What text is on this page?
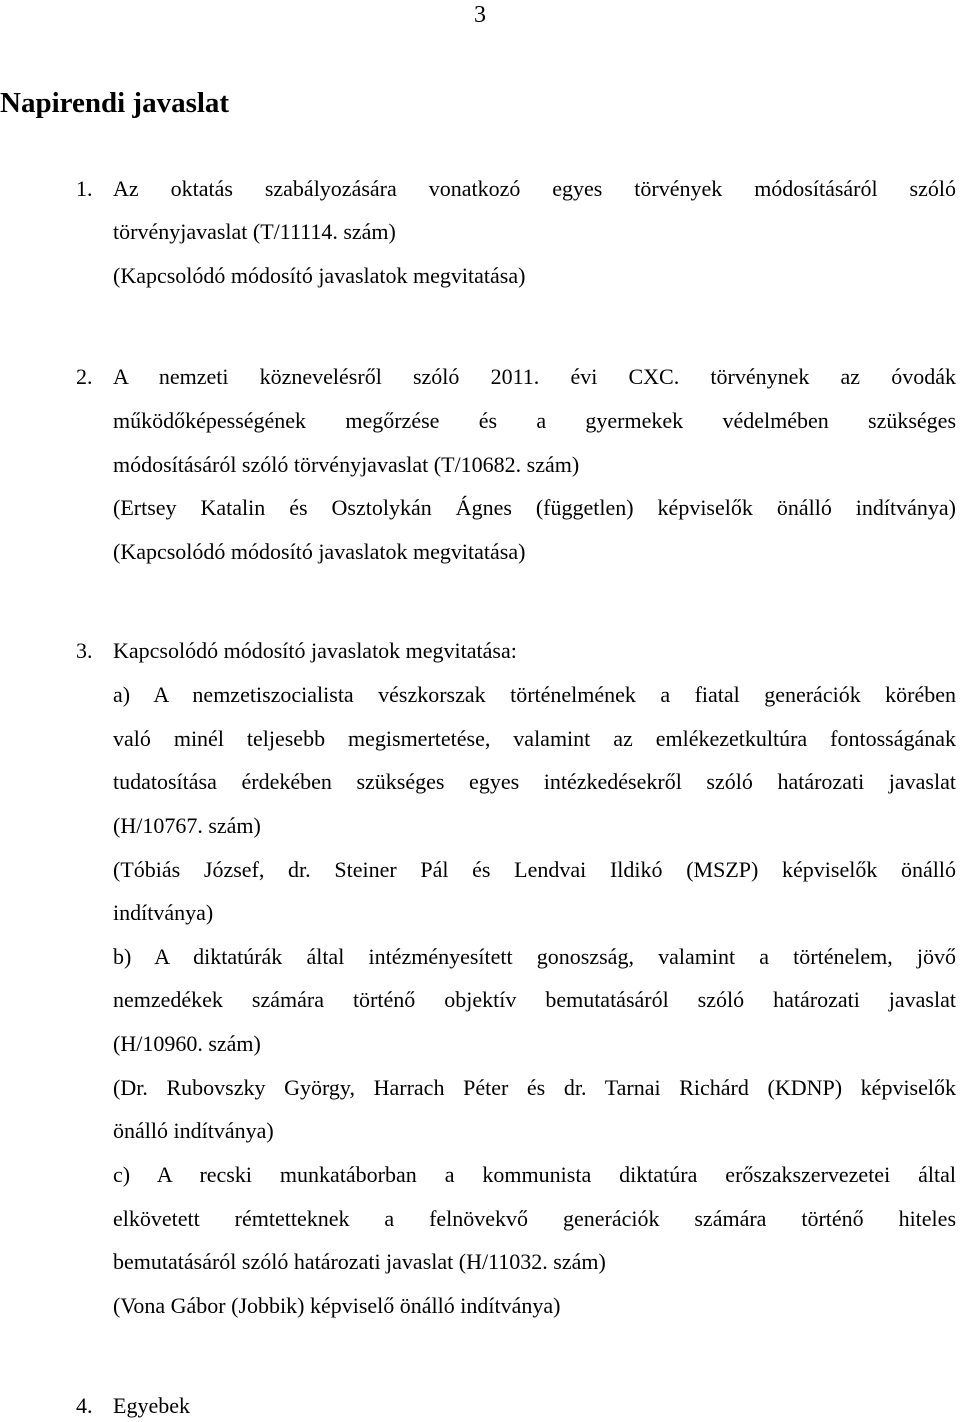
3
Napirendi javaslat
1. Az oktatás szabályozására vonatkozó egyes törvények módosításáról szóló
törvényjavaslat (T/11114. szám)
(Kapcsolódó módosító javaslatok megvitatása)
2. A nemzeti köznevelésről szóló 2011. évi CXC. törvénynek az óvodák
működőképességének megőrzése és a gyermekek védelmében szükséges
módosításáról szóló törvényjavaslat (T/10682. szám)
(Ertsey Katalin és Osztolykán Ágnes (független) képviselők önálló indítványa)
(Kapcsolódó módosító javaslatok megvitatása)
3. Kapcsolódó módosító javaslatok megvitatása:
a) A nemzetiszocialista vészkorszak történelmének a fiatal generációk körében
való minél teljesebb megismertetése, valamint az emlékezetkultúra fontosságának
tudatosítása érdekében szükséges egyes intézkedésekről szóló határozati javaslat
(H/10767. szám)
(Tóbiás József, dr. Steiner Pál és Lendvai Ildikó (MSZP) képviselők önálló
indítványa)
b) A diktatúrák által intézményesített gonoszság, valamint a történelem, jövő
nemzedékek számára történő objektív bemutatásáról szóló határozati javaslat
(H/10960. szám)
(Dr. Rubovszky György, Harrach Péter és dr. Tarnai Richárd (KDNP) képviselők
önálló indítványa)
c) A recski munkatáborban a kommunista diktatúra erőszakszervezetei által
elkövetett rémtetteknek a felnövekvő generációk számára történő hiteles
bemutatásáról szóló határozati javaslat (H/11032. szám)
(Vona Gábor (Jobbik) képviselő önálló indítványa)
4. Egyebek
